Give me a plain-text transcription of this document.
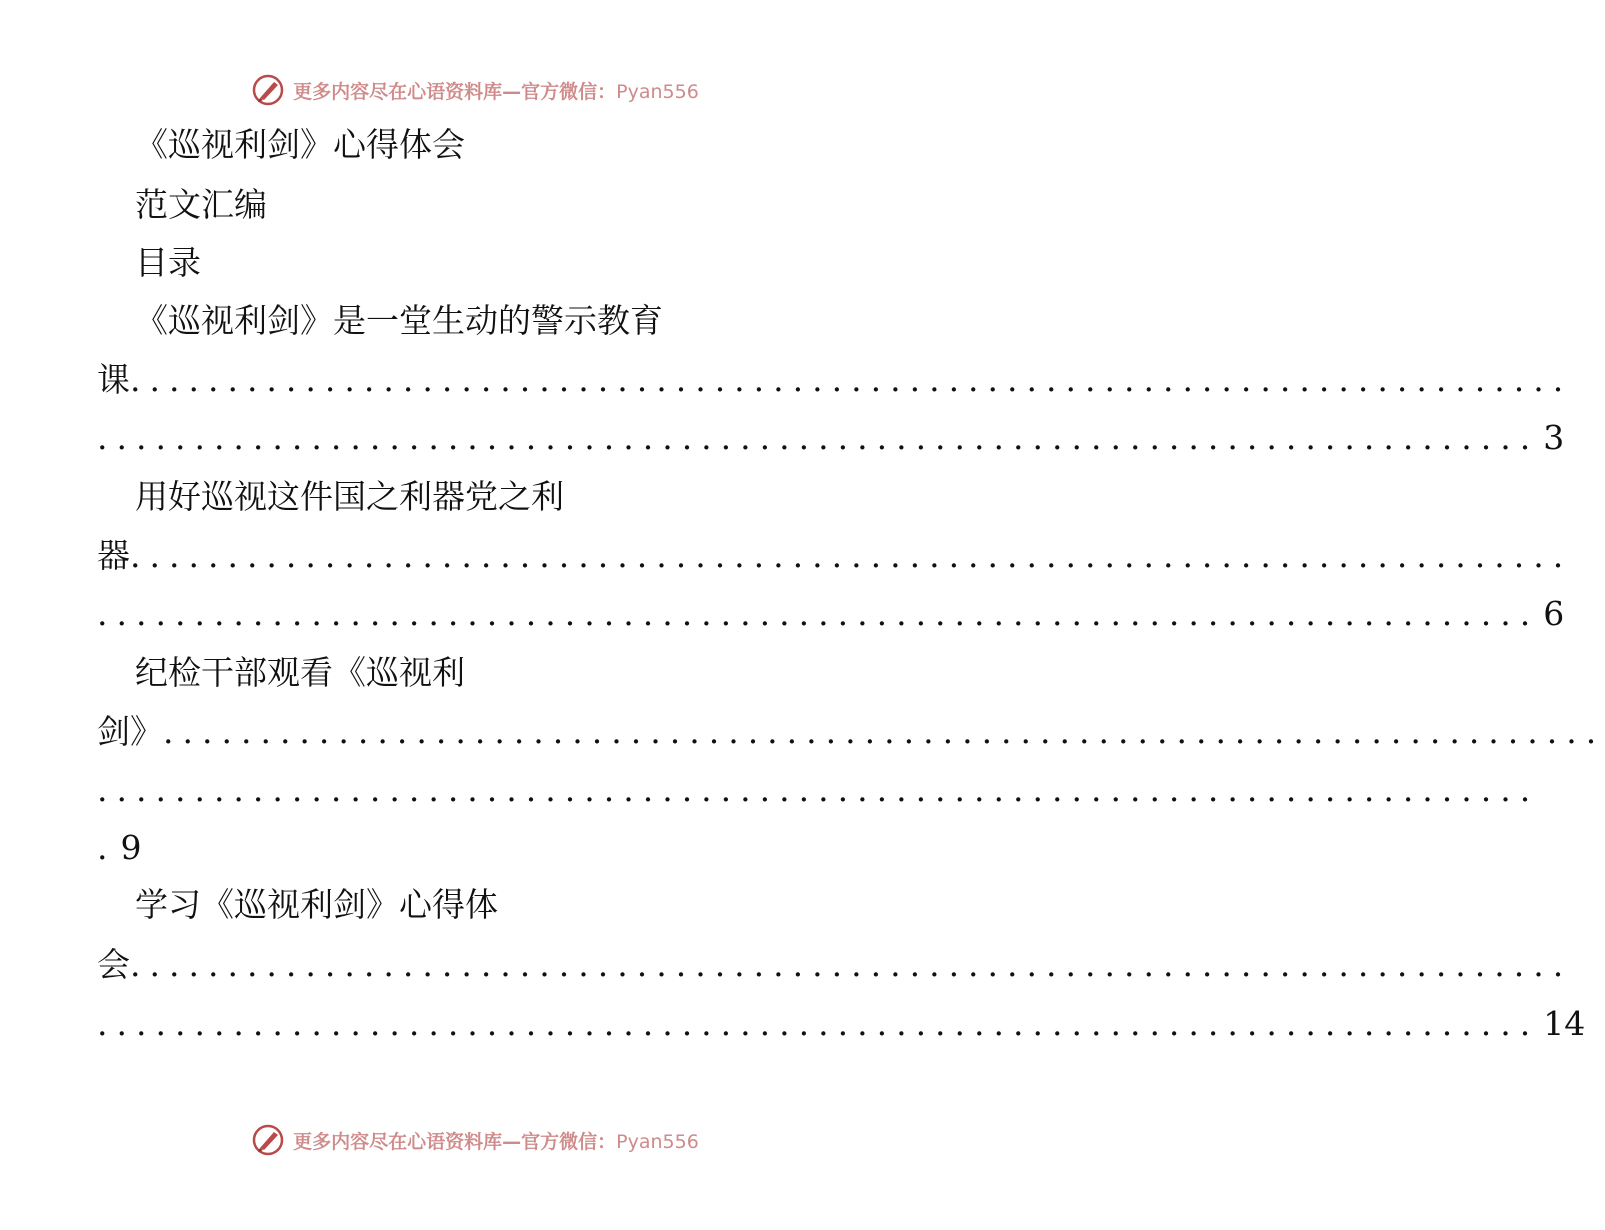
更多内容尽在心语资料库—官方微信：Pyan556
《巡视利剑》心得体会
范文汇编
目录
《巡视利剑》是一堂生动的警示教育
课 ..........................................................................
.......................................................................... 3
用好巡视这件国之利器党之利
器 ..........................................................................
.......................................................................... 6
纪检干部观看《巡视利
剑》 ..........................................................................
..........................................................................
. 9
学习《巡视利剑》心得体
会 ..........................................................................
.......................................................................... 14
更多内容尽在心语资料库—官方微信：Pyan556
